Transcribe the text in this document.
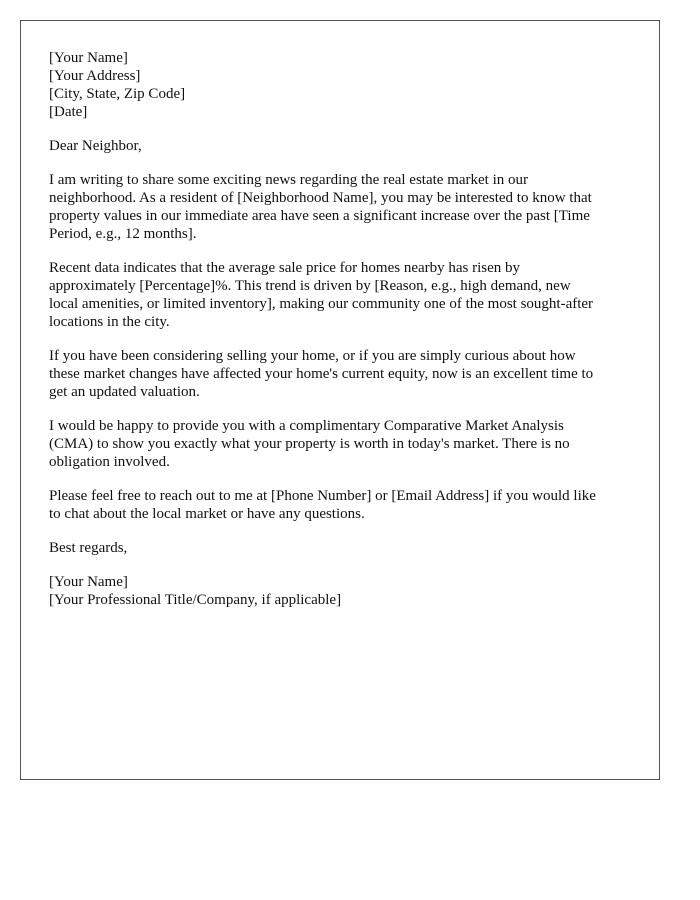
[Your Name]
[Your Address]
[City, State, Zip Code]
[Date]
Dear Neighbor,

I am writing to share some exciting news regarding the real estate market in our
neighborhood. As a resident of [Neighborhood Name], you may be interested to know that
property values in our immediate area have seen a significant increase over the past [Time
Period, e.g., 12 months].

Recent data indicates that the average sale price for homes nearby has risen by
approximately [Percentage]%. This trend is driven by [Reason, e.g., high demand, new
local amenities, or limited inventory], making our community one of the most sought-after
locations in the city.

If you have been considering selling your home, or if you are simply curious about how
these market changes have affected your home's current equity, now is an excellent time to
get an updated valuation.

I would be happy to provide you with a complimentary Comparative Market Analysis
(CMA) to show you exactly what your property is worth in today's market. There is no
obligation involved.

Please feel free to reach out to me at [Phone Number] or [Email Address] if you would like
to chat about the local market or have any questions.

Best regards,
[Your Name]
[Your Professional Title/Company, if applicable]
